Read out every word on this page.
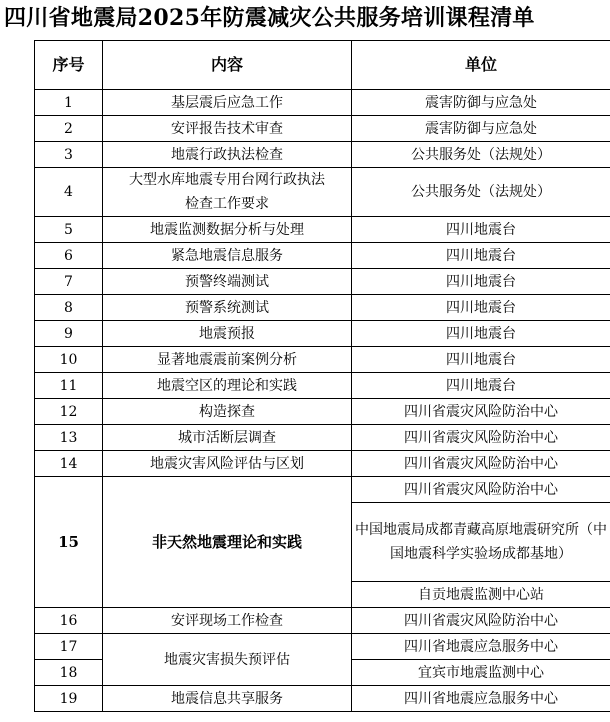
四川省地震局2025年防震减灾公共服务培训课程清单
序号	内容	单位
1	基层震后应急工作	震害防御与应急处
2	安评报告技术审查	震害防御与应急处
3	地震行政执法检查	公共服务处（法规处）
4	大型水库地震专用台网行政执法检查工作要求	公共服务处（法规处）
5	地震监测数据分析与处理	四川地震台
6	紧急地震信息服务	四川地震台
7	预警终端测试	四川地震台
8	预警系统测试	四川地震台
9	地震预报	四川地震台
10	显著地震震前案例分析	四川地震台
11	地震空区的理论和实践	四川地震台
12	构造探查	四川省震灾风险防治中心
13	城市活断层调查	四川省震灾风险防治中心
14	地震灾害风险评估与区划	四川省震灾风险防治中心
15	非天然地震理论和实践	四川省震灾风险防治中心
		中国地震局成都青藏高原地震研究所（中国地震科学实验场成都基地）
		自贡地震监测中心站
16	安评现场工作检查	四川省震灾风险防治中心
17	地震灾害损失预评估	四川省地震应急服务中心
18		宜宾市地震监测中心
19	地震信息共享服务	四川省地震应急服务中心
